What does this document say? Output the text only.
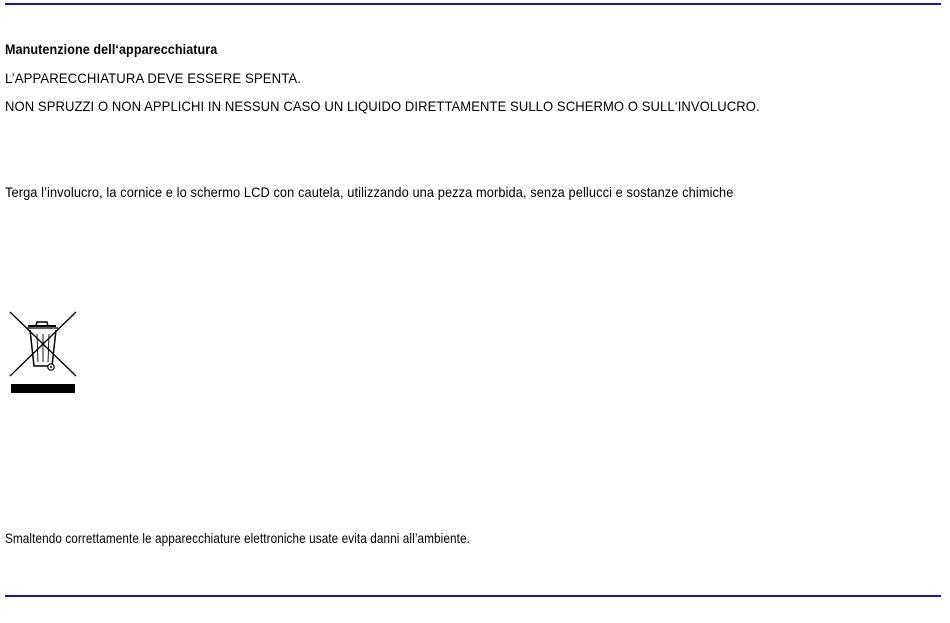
Manutenzione dell‘apparecchiatura
L’APPARECCHIATURA DEVE ESSERE SPENTA.
NON SPRUZZI O NON APPLICHI IN NESSUN CASO UN LIQUIDO DIRETTAMENTE SULLO SCHERMO O SULL‘INVOLUCRO.
Terga l’involucro, la cornice e lo schermo LCD con cautela, utilizzando una pezza morbida, senza pellucci e sostanze chimiche
Smaltendo correttamente le apparecchiature elettroniche usate evita danni all’ambiente.
